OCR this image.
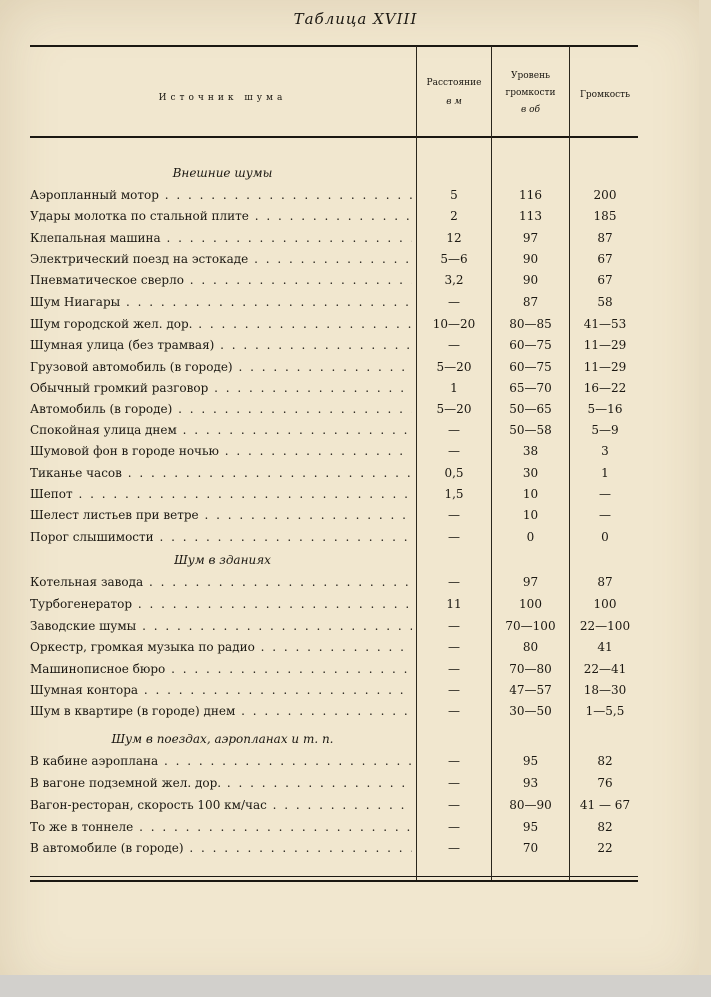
Таблица XVIII
Источник шума
Расстояние
в м
Уровень
громкости
в об
Громкость
Внешние шумы
Шум в зданиях
Шум в поездах, аэропланах и т. п.
Аэропланный мотор . . .	5	116	200
Удары молотка по стальной плите . . .	2	113	185
Клепальная машина . . .	12	97	87
Электрический поезд на эстокаде . . .	5—6	90	67
Пневматическое сверло . . .	3,2	90	67
Шум Ниагары . . .	—	87	58
Шум городской жел. дор. . . .	10—20	80—85	41—53
Шумная улица (без трамвая) . . .	—	60—75	11—29
Грузовой автомобиль (в городе) . . .	5—20	60—75	11—29
Обычный громкий разговор . . .	1	65—70	16—22
Автомобиль (в городе) . . .	5—20	50—65	5—16
Спокойная улица днем . . .	—	50—58	5—9
Шумовой фон в городе ночью . . .	—	38	3
Тиканье часов . . .	0,5	30	1
Шепот . . .	1,5	10	—
Шелест листьев при ветре . . .	—	10	—
Порог слышимости . . .	—	0	0
Котельная завода . . .	—	97	87
Турбогенератор . . .	11	100	100
Заводские шумы . . .	—	70—100	22—100
Оркестр, громкая музыка по радио . . .	—	80	41
Машинописное бюро . . .	—	70—80	22—41
Шумная контора . . .	—	47—57	18—30
Шум в квартире (в городе) днем . . .	—	30—50	1—5,5
В кабине аэроплана . . .	—	95	82
В вагоне подземной жел. дор. . . .	—	93	76
Вагон-ресторан, скорость 100 км/час . . .	—	80—90	41 — 67
То же в тоннеле . . .	—	95	82
В автомобиле (в городе) . . .	—	70	22
